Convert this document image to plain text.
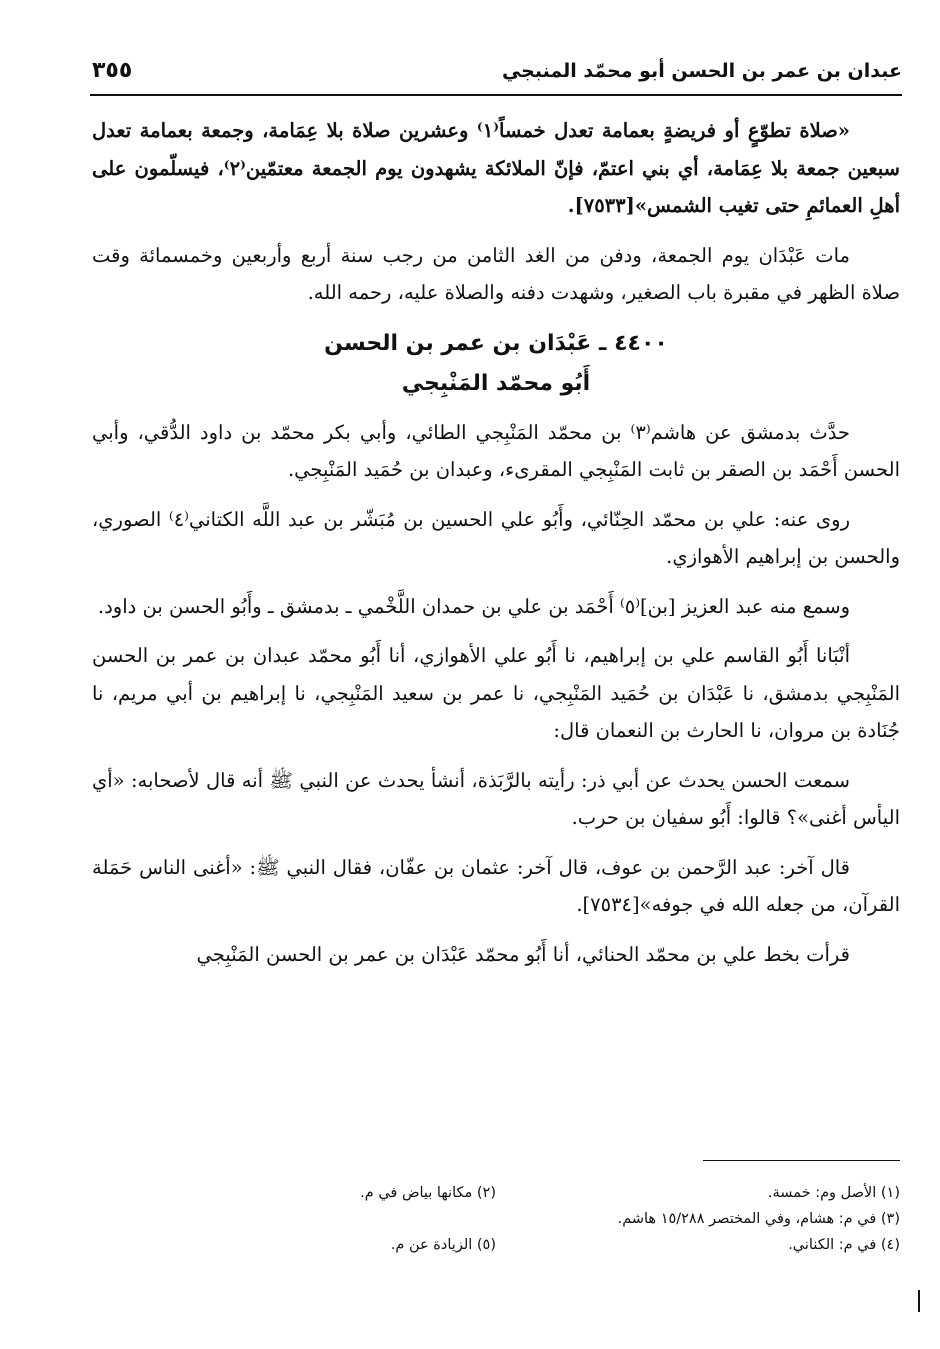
عبدان بن عمر بن الحسن أبو محمّد المنبجي
٣٥٥

«صلاة تطوّعٍ أو فريضةٍ بعمامة تعدل خمساً⁽١⁾ وعشرين صلاة بلا عِمَامة، وجمعة بعمامة تعدل سبعين جمعة بلا عِمَامة، أي بني اعتمّ، فإنّ الملائكة يشهدون يوم الجمعة معتمّين⁽٢⁾، فيسلّمون على أهلِ العمائمِ حتى تغيب الشمس»[٧٥٣٣].

مات عَبْدَان يوم الجمعة، ودفن من الغد الثامن من رجب سنة أربع وأربعين وخمسمائة وقت صلاة الظهر في مقبرة باب الصغير، وشهدت دفنه والصلاة عليه، رحمه الله.

٤٤٠٠ ـ عَبْدَان بن عمر بن الحسن
أَبُو محمّد المَنْبِجي

حدَّث بدمشق عن هاشم⁽٣⁾ بن محمّد المَنْبِجي الطائي، وأبي بكر محمّد بن داود الدُّقي، وأبي الحسن أَحْمَد بن الصقر بن ثابت المَنْبِجي المقرىء، وعبدان بن حُمَيد المَنْبِجي.

روى عنه: علي بن محمّد الحِنّائي، وأَبُو علي الحسين بن مُبَشّر بن عبد اللَّه الكتاني⁽٤⁾ الصوري، والحسن بن إبراهيم الأهوازي.

وسمع منه عبد العزيز [بن]⁽٥⁾ أَحْمَد بن علي بن حمدان اللَّخْمي ـ بدمشق ـ وأَبُو الحسن بن داود.

أنْبَانا أَبُو القاسم علي بن إبراهيم، نا أَبُو علي الأهوازي، أنا أَبُو محمّد عبدان بن عمر بن الحسن المَنْبِجي بدمشق، نا عَبْدَان بن حُمَيد المَنْبِجي، نا عمر بن سعيد المَنْبِجي، نا إبراهيم بن أبي مريم، نا جُنَادة بن مروان، نا الحارث بن النعمان قال:

سمعت الحسن يحدث عن أبي ذر: رأيته بالرَّبَذة، أنشأ يحدث عن النبي ﷺ أنه قال لأصحابه: «أي اليأس أغنى»؟ قالوا: أَبُو سفيان بن حرب.

قال آخر: عبد الرَّحمن بن عوف، قال آخر: عثمان بن عفّان، فقال النبي ﷺ: «أغنى الناس حَمَلة القرآن، من جعله الله في جوفه»[٧٥٣٤].

قرأت بخط علي بن محمّد الحنائي، أنا أَبُو محمّد عَبْدَان بن عمر بن الحسن المَنْبِجي

(١) الأصل وم: خمسة.
(٢) مكانها بياض في م.
(٣) في م: هشام، وفي المختصر ١٥/٢٨٨ هاشم.
(٤) في م: الكناني.
(٥) الزيادة عن م.
